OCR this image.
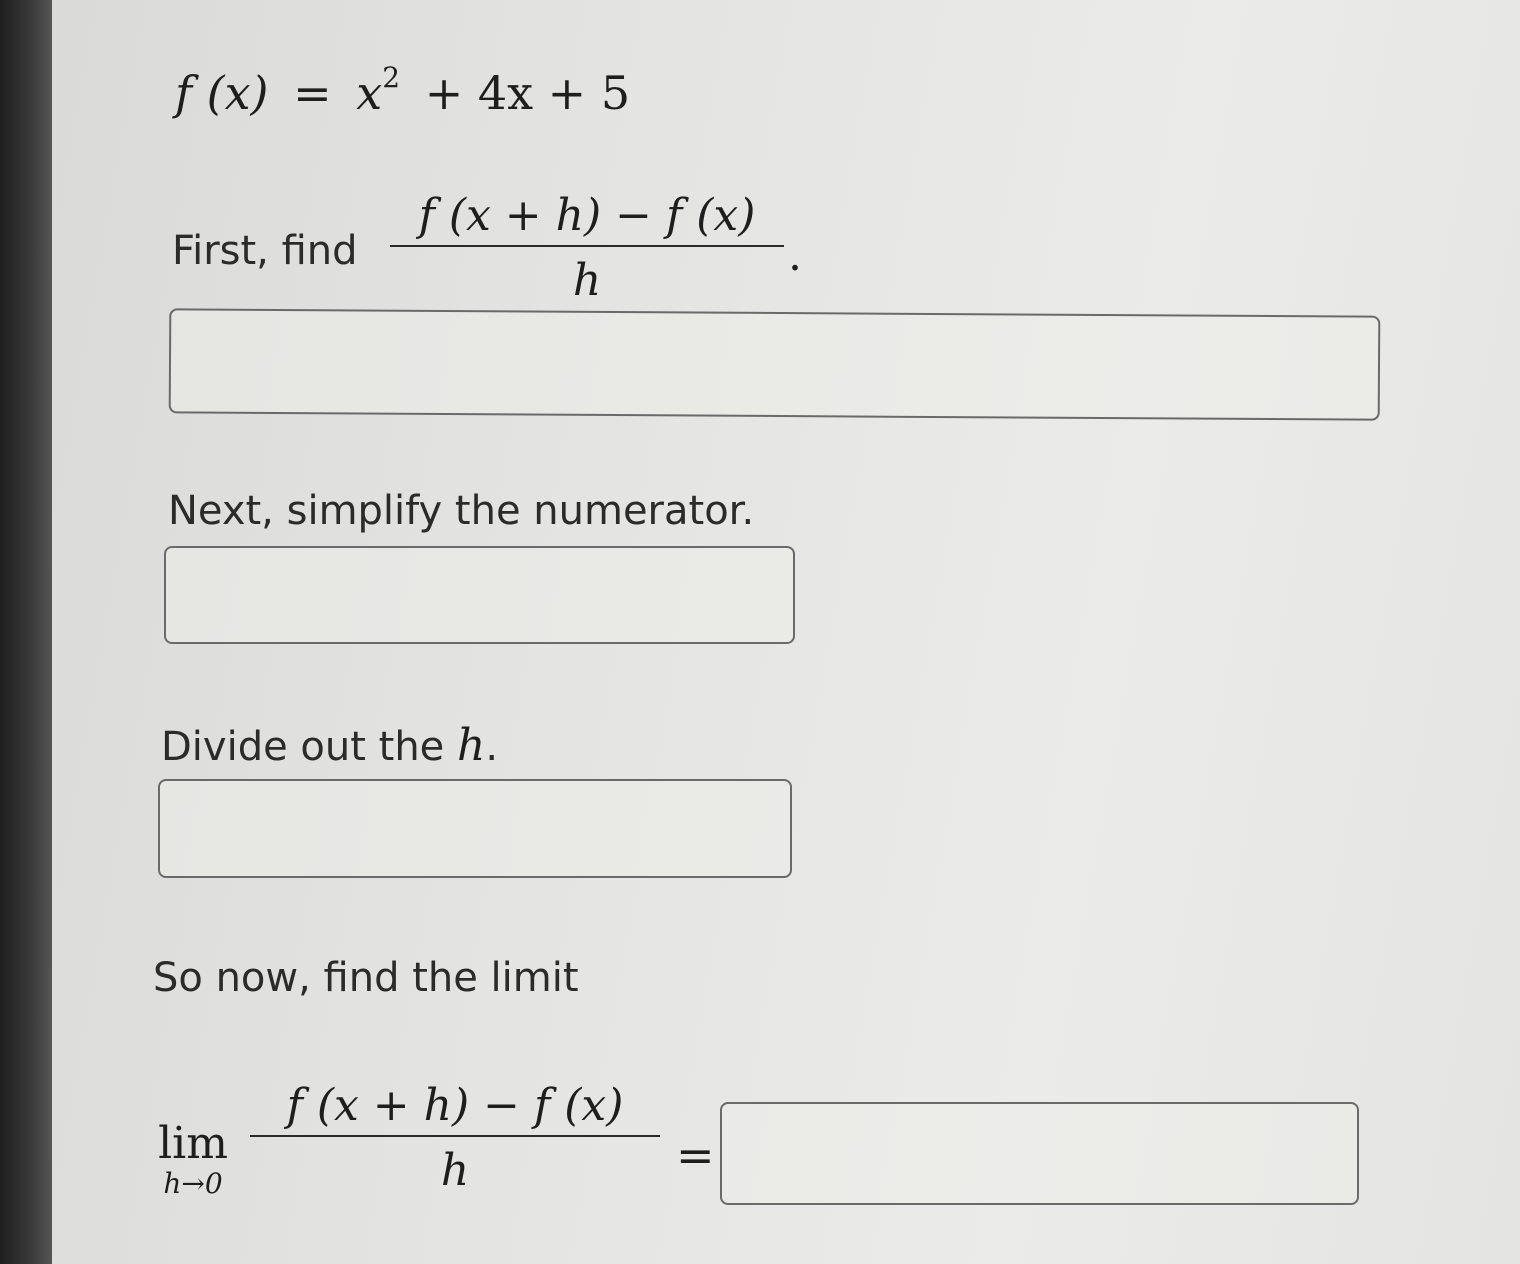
f $(x) = x^2 + 4x + 5$
First, find
f (x + h) − f (x)
h	.
Next, simplify the numerator.
Divide out the h.
So now, find the limit
lim
h→0
f (x + h) − f (x)
h	=
